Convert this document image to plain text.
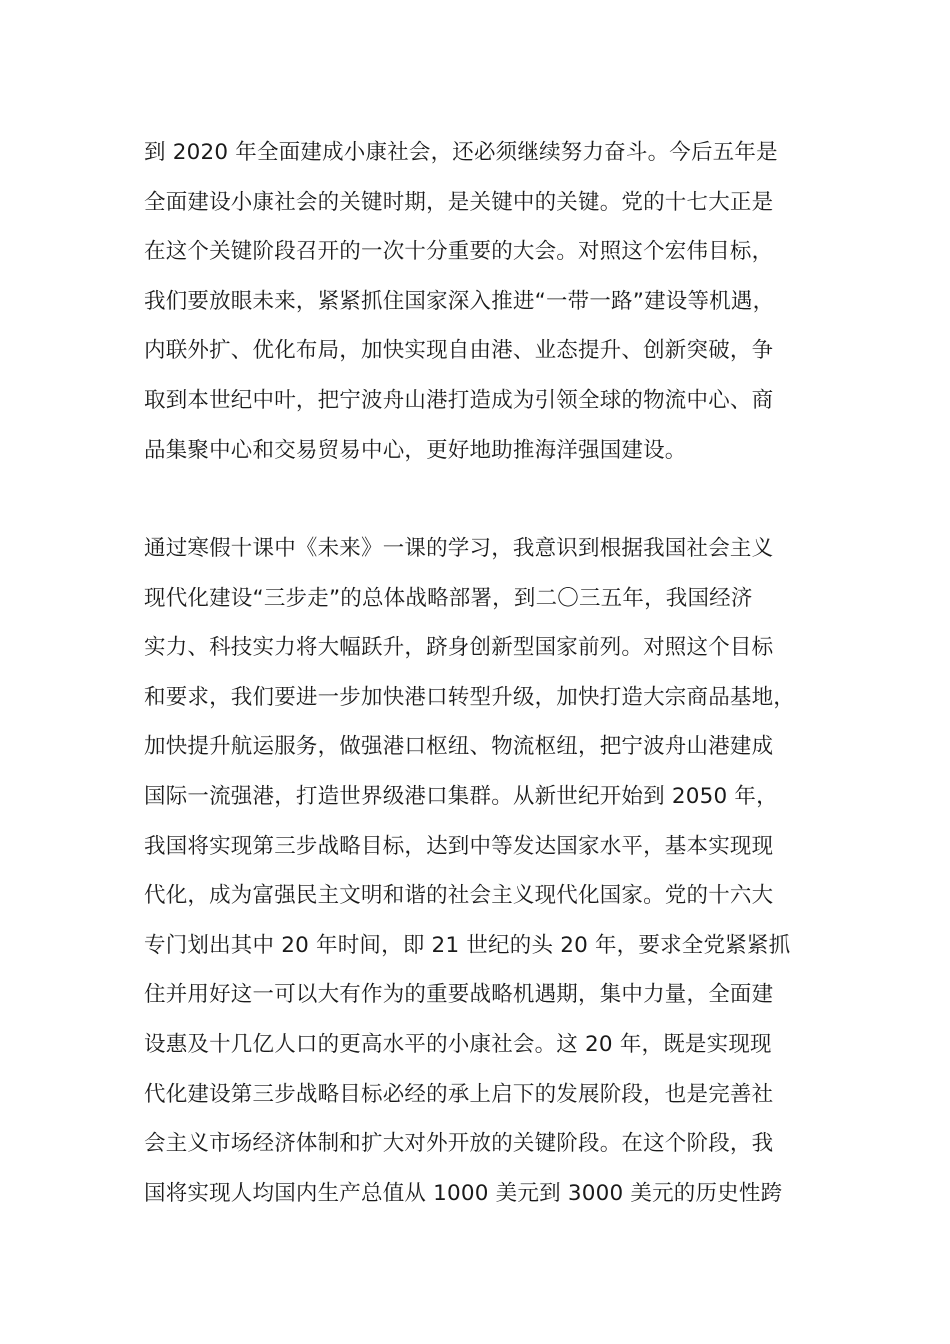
到 2020 年全面建成小康社会，还必须继续努力奋斗。今后五年是
全面建设小康社会的关键时期，是关键中的关键。党的十七大正是
在这个关键阶段召开的一次十分重要的大会。对照这个宏伟目标，
我们要放眼未来，紧紧抓住国家深入推进“一带一路”建设等机遇，
内联外扩、优化布局，加快实现自由港、业态提升、创新突破，争
取到本世纪中叶，把宁波舟山港打造成为引领全球的物流中心、商
品集聚中心和交易贸易中心，更好地助推海洋强国建设。
通过寒假十课中《未来》一课的学习，我意识到根据我国社会主义
现代化建设“三步走”的总体战略部署，到二〇三五年，我国经济
实力、科技实力将大幅跃升，跻身创新型国家前列。对照这个目标
和要求，我们要进一步加快港口转型升级，加快打造大宗商品基地，
加快提升航运服务，做强港口枢纽、物流枢纽，把宁波舟山港建成
国际一流强港，打造世界级港口集群。从新世纪开始到 2050 年，
我国将实现第三步战略目标，达到中等发达国家水平，基本实现现
代化，成为富强民主文明和谐的社会主义现代化国家。党的十六大
专门划出其中 20 年时间，即 21 世纪的头 20 年，要求全党紧紧抓
住并用好这一可以大有作为的重要战略机遇期，集中力量，全面建
设惠及十几亿人口的更高水平的小康社会。这 20 年，既是实现现
代化建设第三步战略目标必经的承上启下的发展阶段，也是完善社
会主义市场经济体制和扩大对外开放的关键阶段。在这个阶段，我
国将实现人均国内生产总值从 1000 美元到 3000 美元的历史性跨
